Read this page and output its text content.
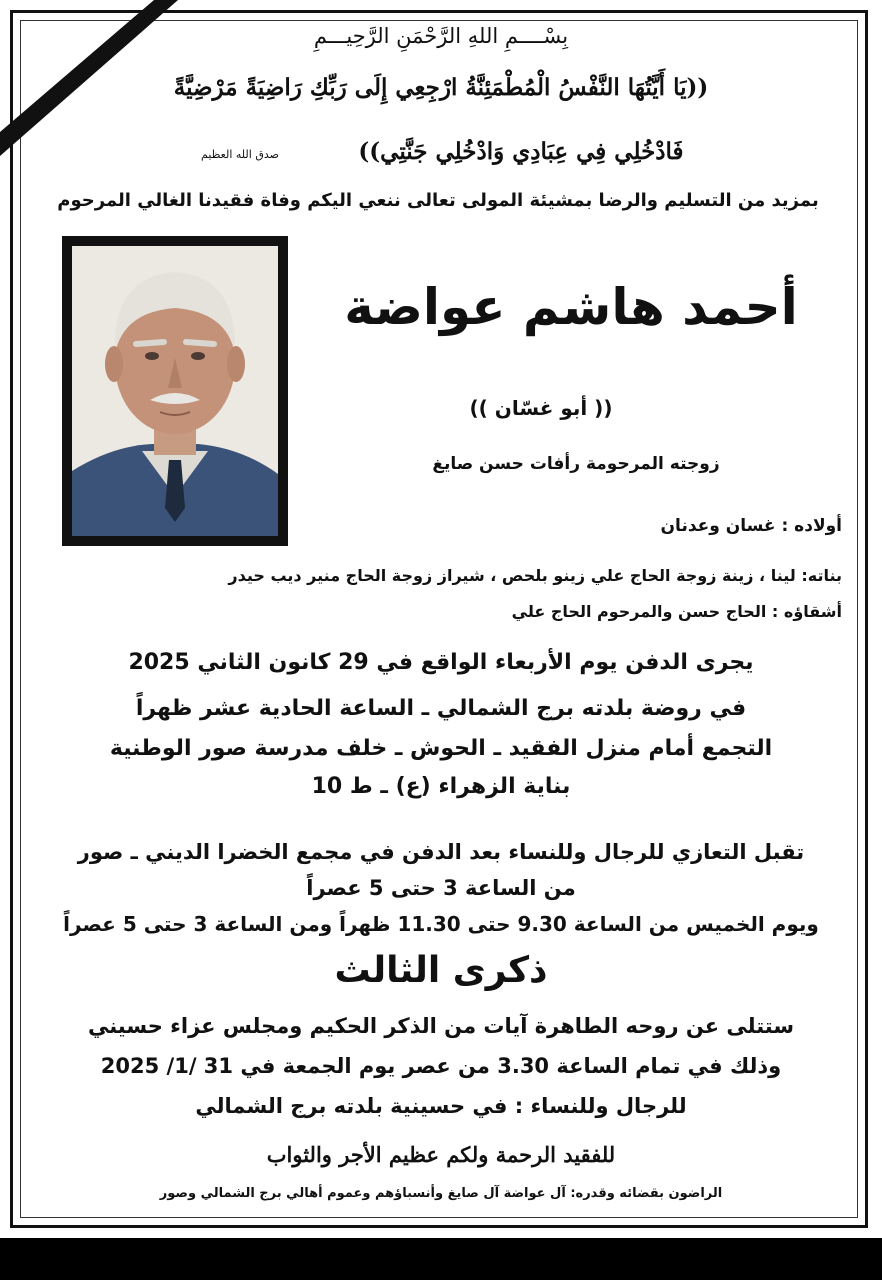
بِسْــــمِ اللهِ الرَّحْمَنِ الرَّحِيـــمِ
((يَا أَيَّتُهَا النَّفْسُ الْمُطْمَئِنَّةُ ارْجِعِي إِلَى رَبِّكِ رَاضِيَةً مَرْضِيَّةً
فَادْخُلِي فِي عِبَادِي وَادْخُلِي جَنَّتِي))
صدق الله العظيم
بمزيد من التسليم والرضا بمشيئة المولى تعالى ننعي اليكم وفاة فقيدنا الغالي المرحوم
أحمد هاشم عواضة
(( أبو غسّان ))
زوجته المرحومة رأفات حسن صايغ
أولاده : غسان وعدنان
بناته: لينا ، زينة زوجة الحاج علي زينو بلحص ، شيراز زوجة الحاج منير ديب حيدر
أشقاؤه : الحاج حسن والمرحوم الحاج علي
يجرى الدفن يوم الأربعاء الواقع في 29 كانون الثاني 2025
في روضة بلدته برج الشمالي ـ الساعة الحادية عشر ظهراً
التجمع أمام منزل الفقيد ـ الحوش ـ خلف مدرسة صور الوطنية
بناية الزهراء (ع) ـ ط 10
تقبل التعازي للرجال وللنساء بعد الدفن في مجمع الخضرا الديني ـ صور
من الساعة 3 حتى 5 عصراً
ويوم الخميس من الساعة 9.30 حتى 11.30 ظهراً ومن الساعة 3 حتى 5 عصراً
ذكرى الثالث
ستتلى عن روحه الطاهرة آيات من الذكر الحكيم ومجلس عزاء حسيني
وذلك في تمام الساعة 3.30 من عصر يوم الجمعة في 31 /1/ 2025
للرجال وللنساء : في حسينية بلدته برج الشمالي
للفقيد الرحمة ولكم عظيم الأجر والثواب
الراضون بقضائه وقدره: آل عواضة آل صايغ وأنسباؤهم وعموم أهالي برج الشمالي وصور
